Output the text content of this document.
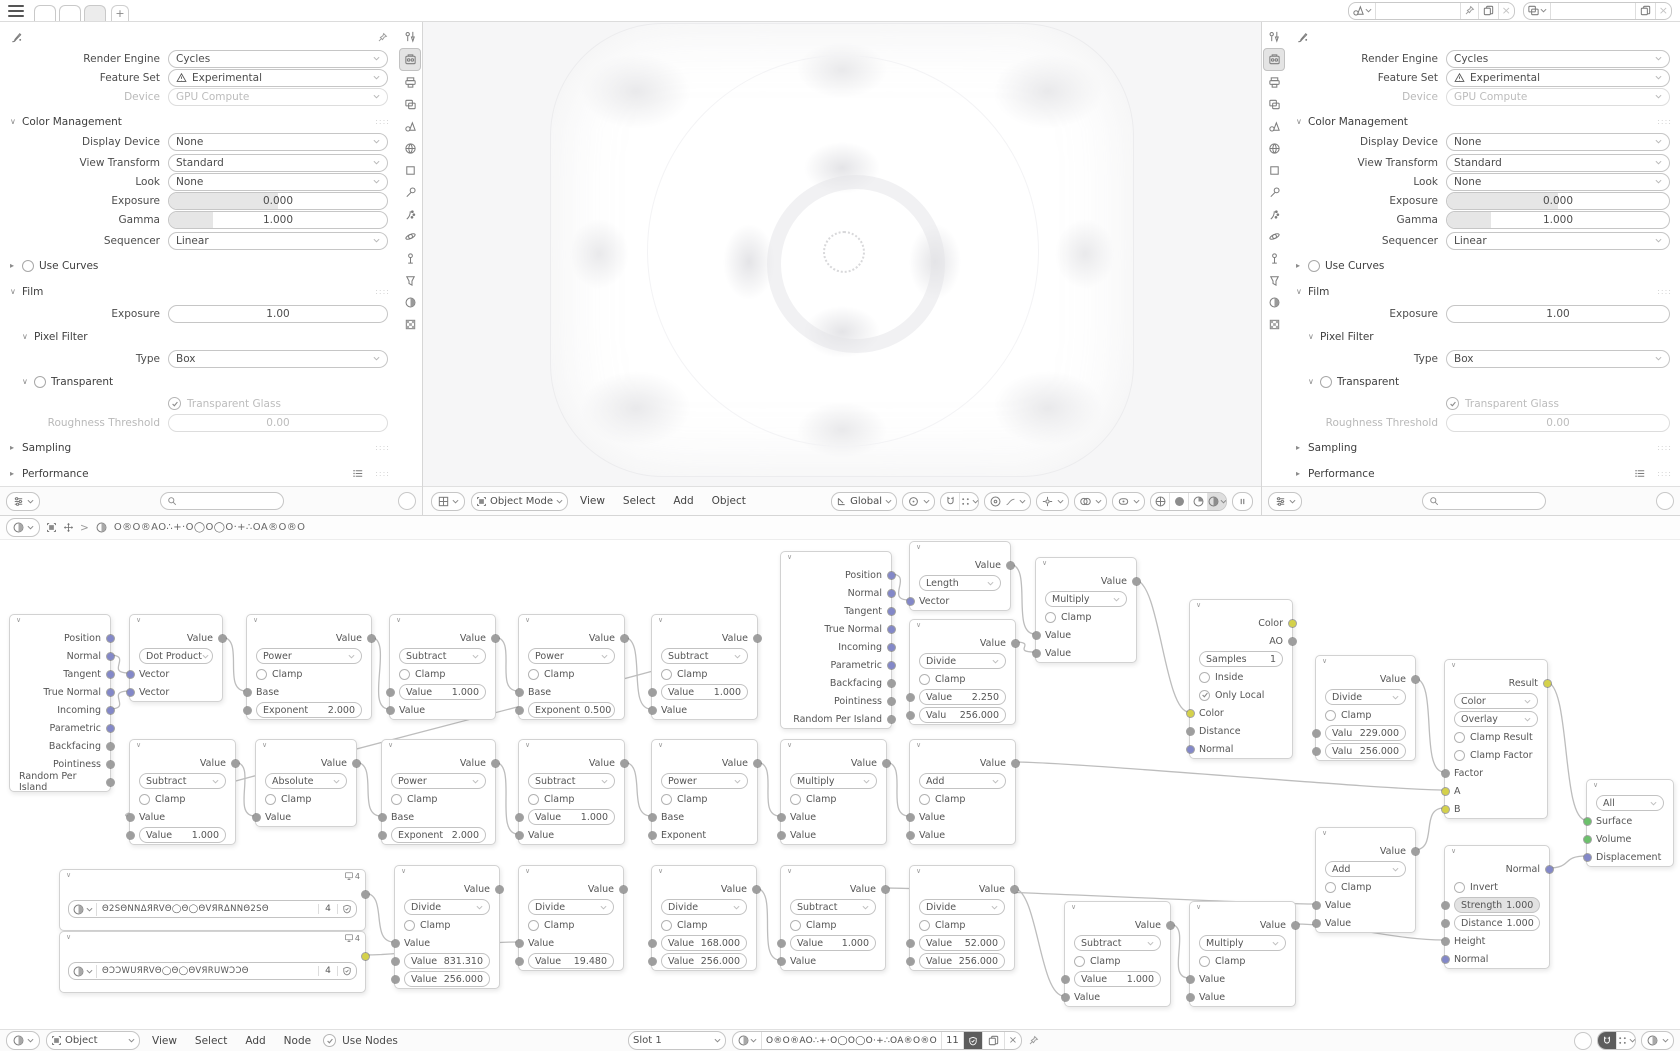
+	×	×
Render Engine	Cycles
Feature Set	Experimental
Device	GPU Compute
∨ Color Management	::::
Display Device	None
View Transform	Standard
Look	None
Exposure	0.000
Gamma	1.000
Sequencer	Linear
▸	Use Curves
∨ Film	::::
Exposure	1.00
∨ Pixel Filter
Type	Box
∨	Transparent
Transparent Glass
Roughness Threshold	0.00
▸ Sampling	::::
▸ Performance	::::
Object Mode	View	Select	Add	Object	Global
Render Engine	Cycles
Feature Set	Experimental
Device	GPU Compute
∨ Color Management	::::
Display Device	None
View Transform	Standard
Look	None
Exposure	0.000
Gamma	1.000
Sequencer	Linear
▸	Use Curves
∨ Film	::::
Exposure	1.00
∨ Pixel Filter
Type	Box
∨	Transparent
Transparent Glass
Roughness Threshold	0.00
▸ Sampling	::::
▸ Performance	::::
>	O®O®AO∴+·O◯O◯O·+∴OA®O®O
∨
Position
Normal
Tangent
True Normal
Incoming
Parametric
Backfacing
Pointiness
Random Per Island
∨
Value
Dot Product
Vector
Vector
∨
Value
Power
Clamp
Base
Exponent	2.000
∨
Value
Subtract
Clamp
Value	1.000
Value
∨
Value
Power
Clamp
Base
Exponent 0.500
∨
Value
Subtract
Clamp
Value	1.000
Value
∨
Value
Subtract
Clamp
Value
Value	1.000
∨
Value
Absolute
Clamp
Value
∨
Value
Power
Clamp
Base
Exponent 2.000
∨
Value
Subtract
Clamp
Value	1.000
Value
∨
Value
Power
Clamp
Base
Exponent
∨
Value
Multiply
Clamp
Value
Value
∨
Value
Add
Clamp
Value
Value
∨
Position
Normal
Tangent
True Normal
Incoming
Parametric
Backfacing
Pointiness
Random Per Island
∨
Value
Length
Vector
∨
Value
Multiply
Clamp
Value
Value
∨
Value
Divide
Clamp
Value	2.250
Valu	256.000
∨
Color
AO
Samples	1
Inside
Only Local
Color
Distance
Normal
∨
Value
Divide
Clamp
Valu 229.000
Valu 256.000
∨
Result
Color
Overlay
Clamp Result
Clamp Factor
Factor
A
B
∨
Value
Add
Clamp
Value
Value
∨
All
Surface
Volume
Displacement
∨
Normal
Invert
Strength 1.000
Distance 1.000
Height
Normal
∨
Value
Divide
Clamp
Value
Value 831.310
Value 256.000
∨
Value
Divide
Clamp
Value
Value	19.480
∨
Value
Divide
Clamp
Value 168.000
Value 256.000
∨
Value
Subtract
Clamp
Value	1.000
Value
∨
Value
Divide
Clamp
Value	52.000
Value 256.000
∨
Value
Subtract
Clamp
Value	1.000
Value
∨
Value
Multiply
Clamp
Value
Value
∨	4
Θ2SΘNNΔЯRVΘ◯Θ◯ΘVЯRΔNNΘ2SΘ	4
∨	4
ΘƆƆWUЯRVΘ◯Θ◯ΘVЯRUWƆƆΘ	4
Object	View	Select	Add	Node	Use Nodes	Slot 1	O®O®AO∴+·O◯O◯O·+∴OA®O®O 11	×
